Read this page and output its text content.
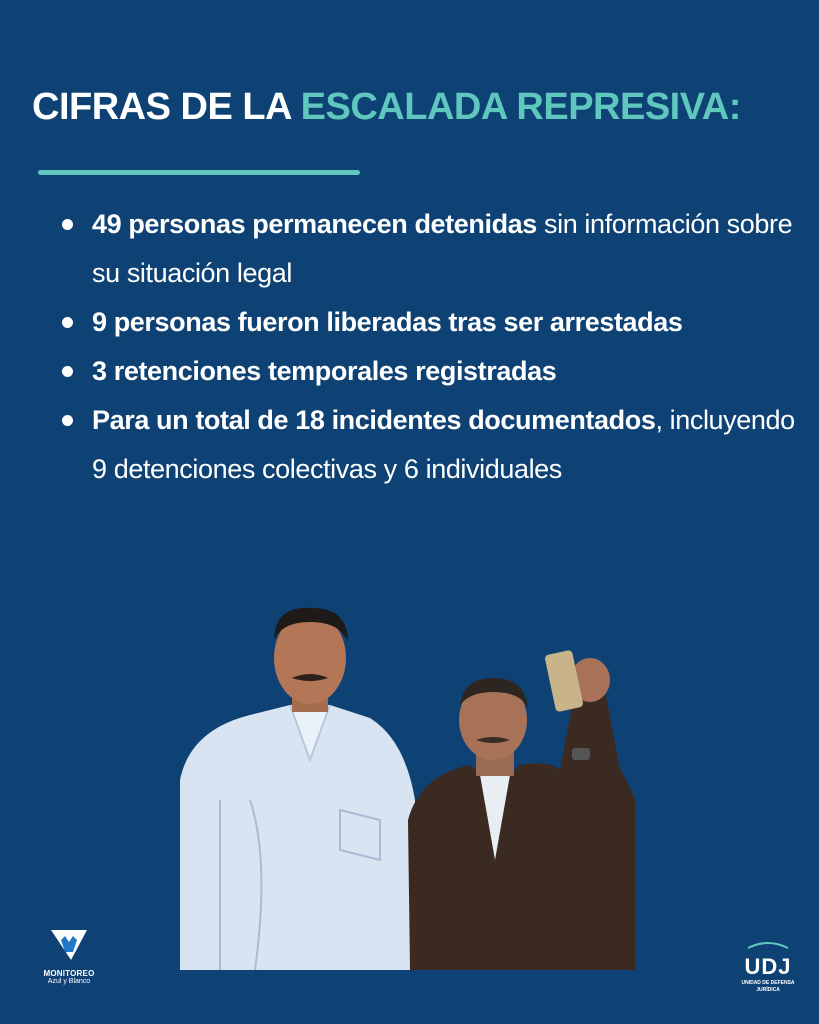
CIFRAS DE LA ESCALADA REPRESIVA:
49 personas permanecen detenidas sin información sobre su situación legal
9 personas fueron liberadas tras ser arrestadas
3 retenciones temporales registradas
Para un total de 18 incidentes documentados, incluyendo 9 detenciones colectivas y 6 individuales
MONITOREO
Azul y Blanco
UDJ
UNIDAD DE DEFENSA JURÍDICA
